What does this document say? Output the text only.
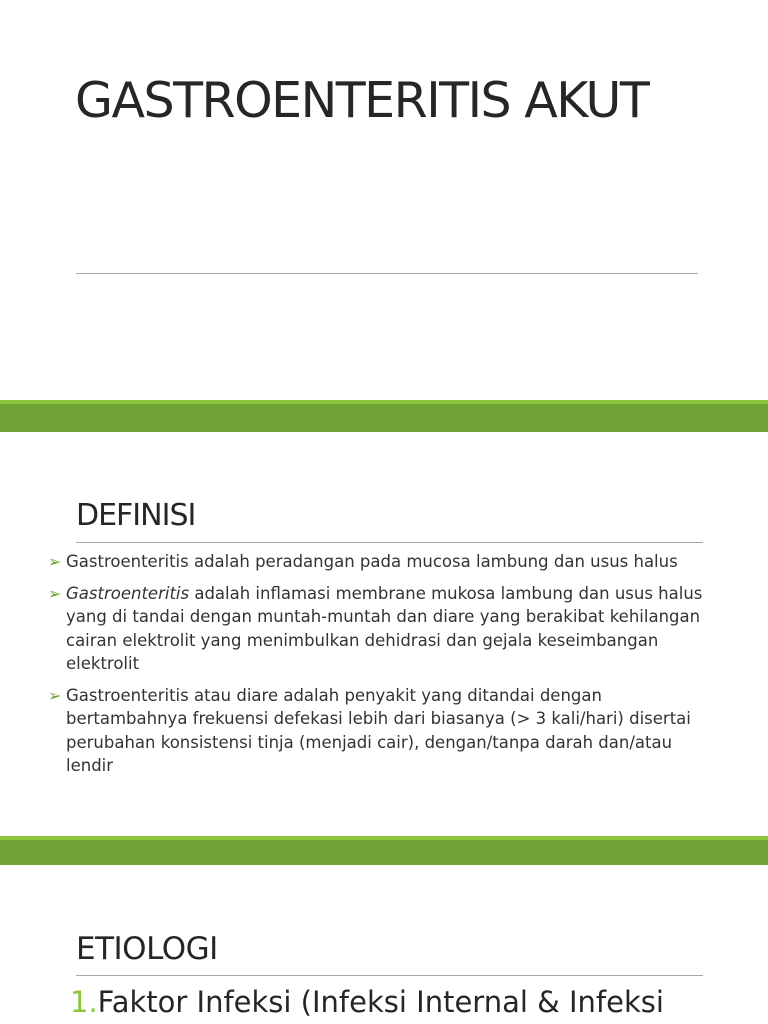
GASTROENTERITIS AKUT
DEFINISI
➢ Gastroenteritis adalah peradangan pada mucosa lambung dan usus halus
➢ Gastroenteritis adalah inflamasi membrane mukosa lambung dan usus halus yang di tandai dengan muntah-muntah dan diare yang berakibat kehilangan cairan elektrolit yang menimbulkan dehidrasi dan gejala keseimbangan elektrolit
➢ Gastroenteritis atau diare adalah penyakit yang ditandai dengan bertambahnya frekuensi defekasi lebih dari biasanya (> 3 kali/hari) disertai perubahan konsistensi tinja (menjadi cair), dengan/tanpa darah dan/atau lendir
ETIOLOGI

1.Faktor Infeksi (Infeksi Internal & Infeksi
